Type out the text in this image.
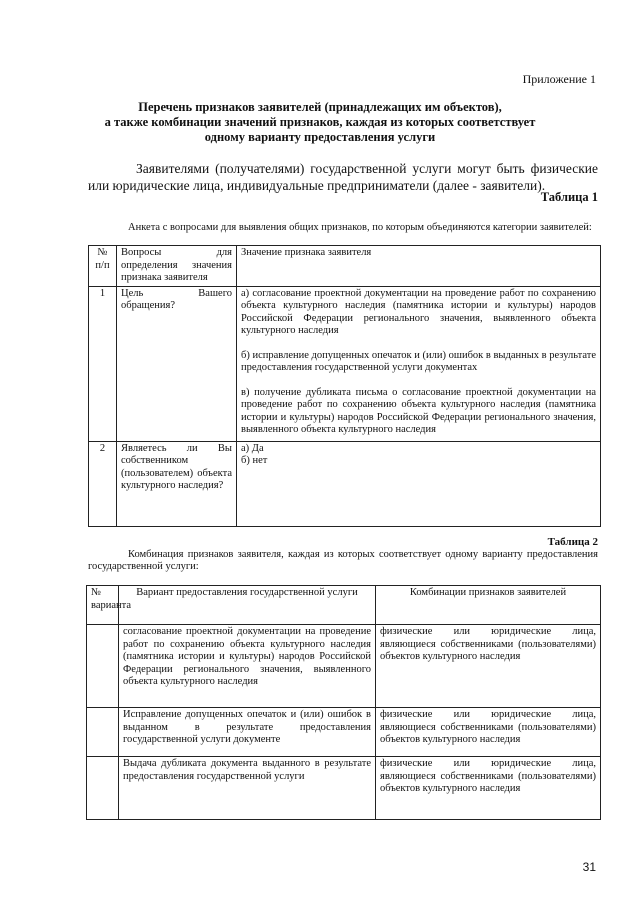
Приложение 1
Перечень признаков заявителей (принадлежащих им объектов),
а также комбинации значений признаков, каждая из которых соответствует
одному варианту предоставления услуги
Заявителями (получателями) государственной услуги могут быть физические или юридические лица, индивидуальные предприниматели (далее - заявители).
Таблица 1
Анкета с вопросами для выявления общих признаков, по которым объединяются категории заявителей:
№ п/п	Вопросы для определения значения признака заявителя	Значение признака заявителя
1	Цель Вашего обращения?	а) согласование проектной документации на проведение работ по сохранению объекта культурного наследия (памятника истории и культуры) народов Российской Федерации регионального значения, выявленного объекта культурного наследия

б) исправление допущенных опечаток и (или) ошибок в выданных в результате предоставления государственной услуги документах

в) получение дубликата письма о согласование проектной документации на проведение работ по сохранению объекта культурного наследия (памятника истории и культуры) народов Российской Федерации регионального значения, выявленного объекта культурного наследия

2	Являетесь ли Вы собственником (пользователем) объекта культурного наследия?	а) Да
б) нет
Таблица 2
Комбинация признаков заявителя, каждая из которых соответствует одному варианту предоставления государственной услуги:
№ варианта	Вариант предоставления государственной услуги	Комбинации признаков заявителей
	согласование проектной документации на проведение работ по сохранению объекта культурного наследия (памятника истории и культуры) народов Российской Федерации регионального значения, выявленного объекта культурного наследия	физические или юридические лица, являющиеся собственниками (пользователями) объектов культурного наследия
	Исправление допущенных опечаток и (или) ошибок в выданном в результате предоставления государственной услуги документе	физические или юридические лица, являющиеся собственниками (пользователями) объектов культурного наследия
	Выдача дубликата документа выданного в результате предоставления государственной услуги	физические или юридические лица, являющиеся собственниками (пользователями) объектов культурного наследия
31
